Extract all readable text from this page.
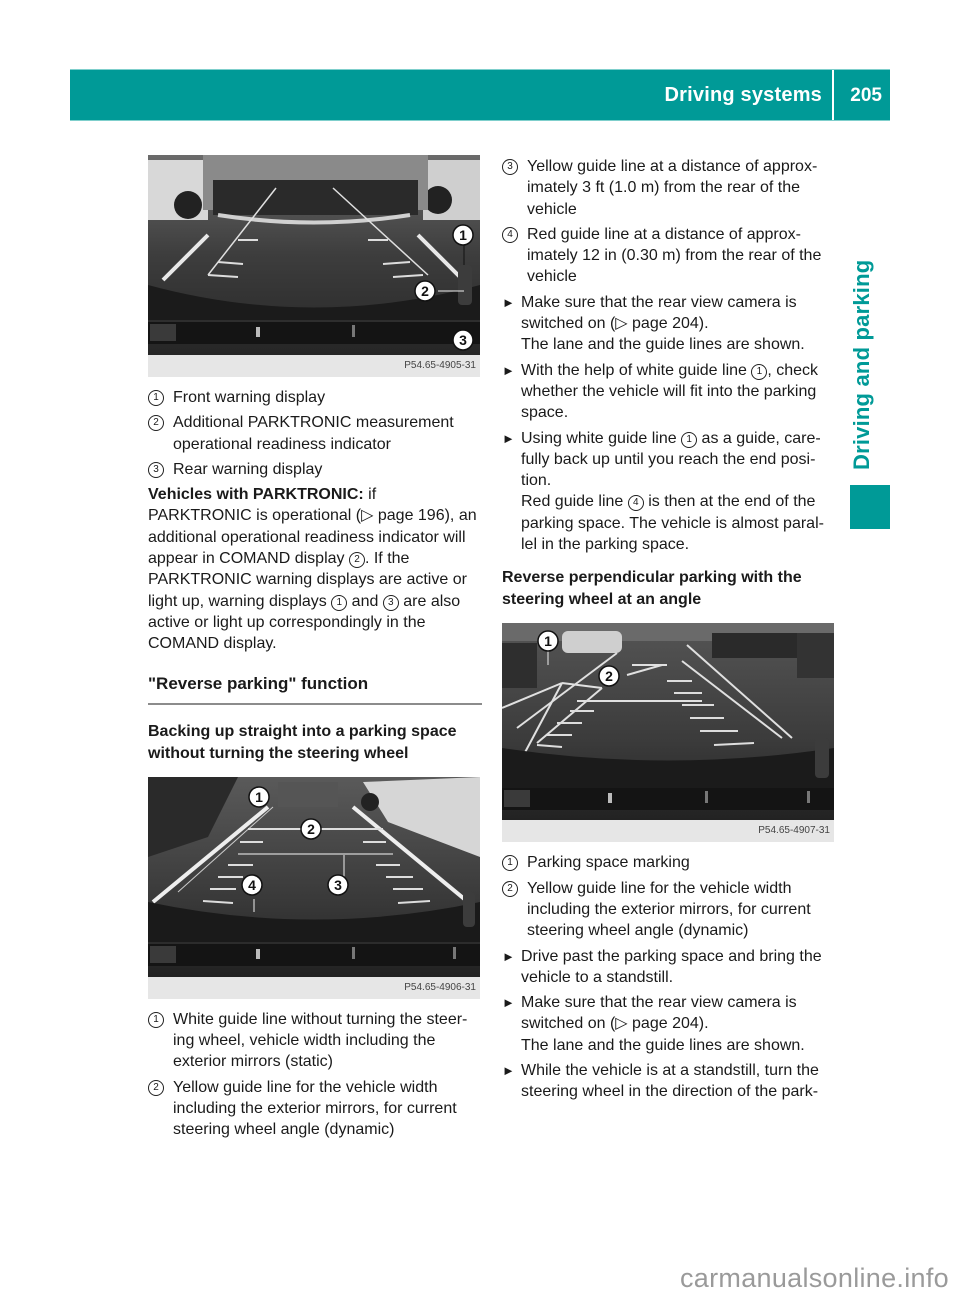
Driving systems 205
Driving and parking
1
2
3
P54.65-4905-31
1 Front warning display
2 Additional PARKTRONIC measurement operational readiness indicator
3 Rear warning display

Vehicles with PARKTRONIC: if PARKTRONIC is operational (▷ page 196), an additional operational readiness indicator will appear in COMAND display 2 . If the PARKTRONIC warning displays are active or light up, warning displays 1 and 3 are also active or light up correspondingly in the COMAND display.

"Reverse parking" function
Backing up straight into a parking space without turning the steering wheel
1
2
3
4
P54.65-4906-31
1 White guide line without turning the steer-ing wheel, vehicle width including the exterior mirrors (static)
2 Yellow guide line for the vehicle width including the exterior mirrors, for current steering wheel angle (dynamic)
3 Yellow guide line at a distance of approx-imately 3 ft (1.0 m) from the rear of the vehicle
4 Red guide line at a distance of approx-imately 12 in (0.30 m) from the rear of the vehicle
► Make sure that the rear view camera is switched on (▷ page 204).
The lane and the guide lines are shown.
► With the help of white guide line 1 , check whether the vehicle will fit into the parking space.
► Using white guide line 1 as a guide, care-fully back up until you reach the end posi-tion.
Red guide line 4 is then at the end of the parking space. The vehicle is almost paral-lel in the parking space.
Reverse perpendicular parking with the steering wheel at an angle
1
2
P54.65-4907-31
1 Parking space marking
2 Yellow guide line for the vehicle width including the exterior mirrors, for current steering wheel angle (dynamic)
► Drive past the parking space and bring the vehicle to a standstill.
► Make sure that the rear view camera is switched on (▷ page 204).
The lane and the guide lines are shown.
► While the vehicle is at a standstill, turn the steering wheel in the direction of the park-
carmanualsonline.info
